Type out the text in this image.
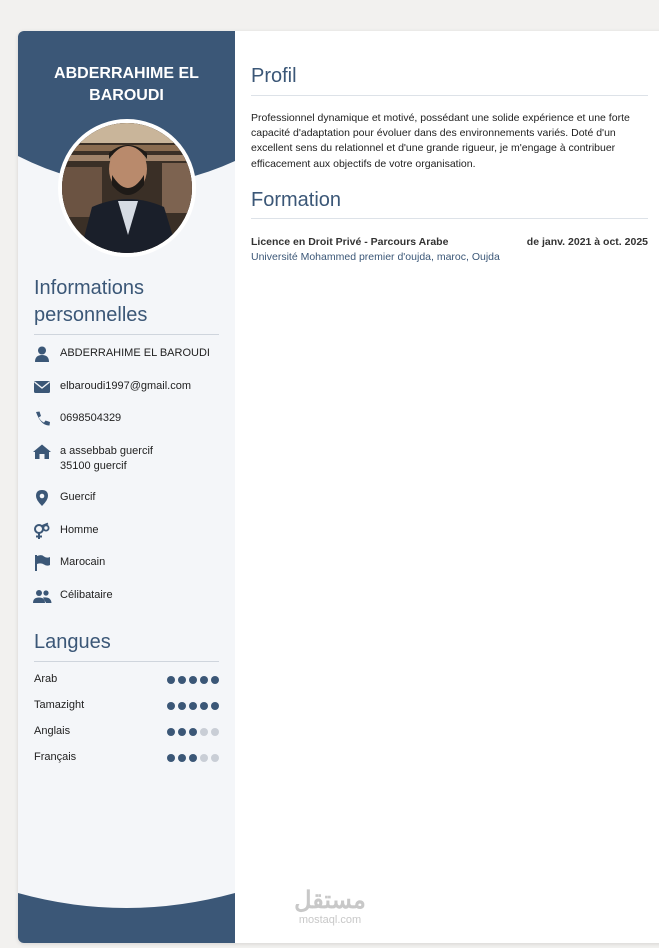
ABDERRAHIME EL BAROUDI
Informations personnelles
ABDERRAHIME EL BAROUDI
elbaroudi1997@gmail.com
0698504329
a assebbab guercif
35100 guercif
Guercif
Homme
Marocain
Célibataire
Langues
Arab
Tamazight
Anglais
Français
Profil
Professionnel dynamique et motivé, possédant une solide expérience et une forte capacité d'adaptation pour évoluer dans des environnements variés. Doté d'un excellent sens du relationnel et d'une grande rigueur, je m'engage à contribuer efficacement aux objectifs de votre organisation.
Formation
Licence en Droit Privé - Parcours Arabe	de janv. 2021 à oct. 2025
Université Mohammed premier d'oujda, maroc, Oujda
مستقل
mostaql.com
